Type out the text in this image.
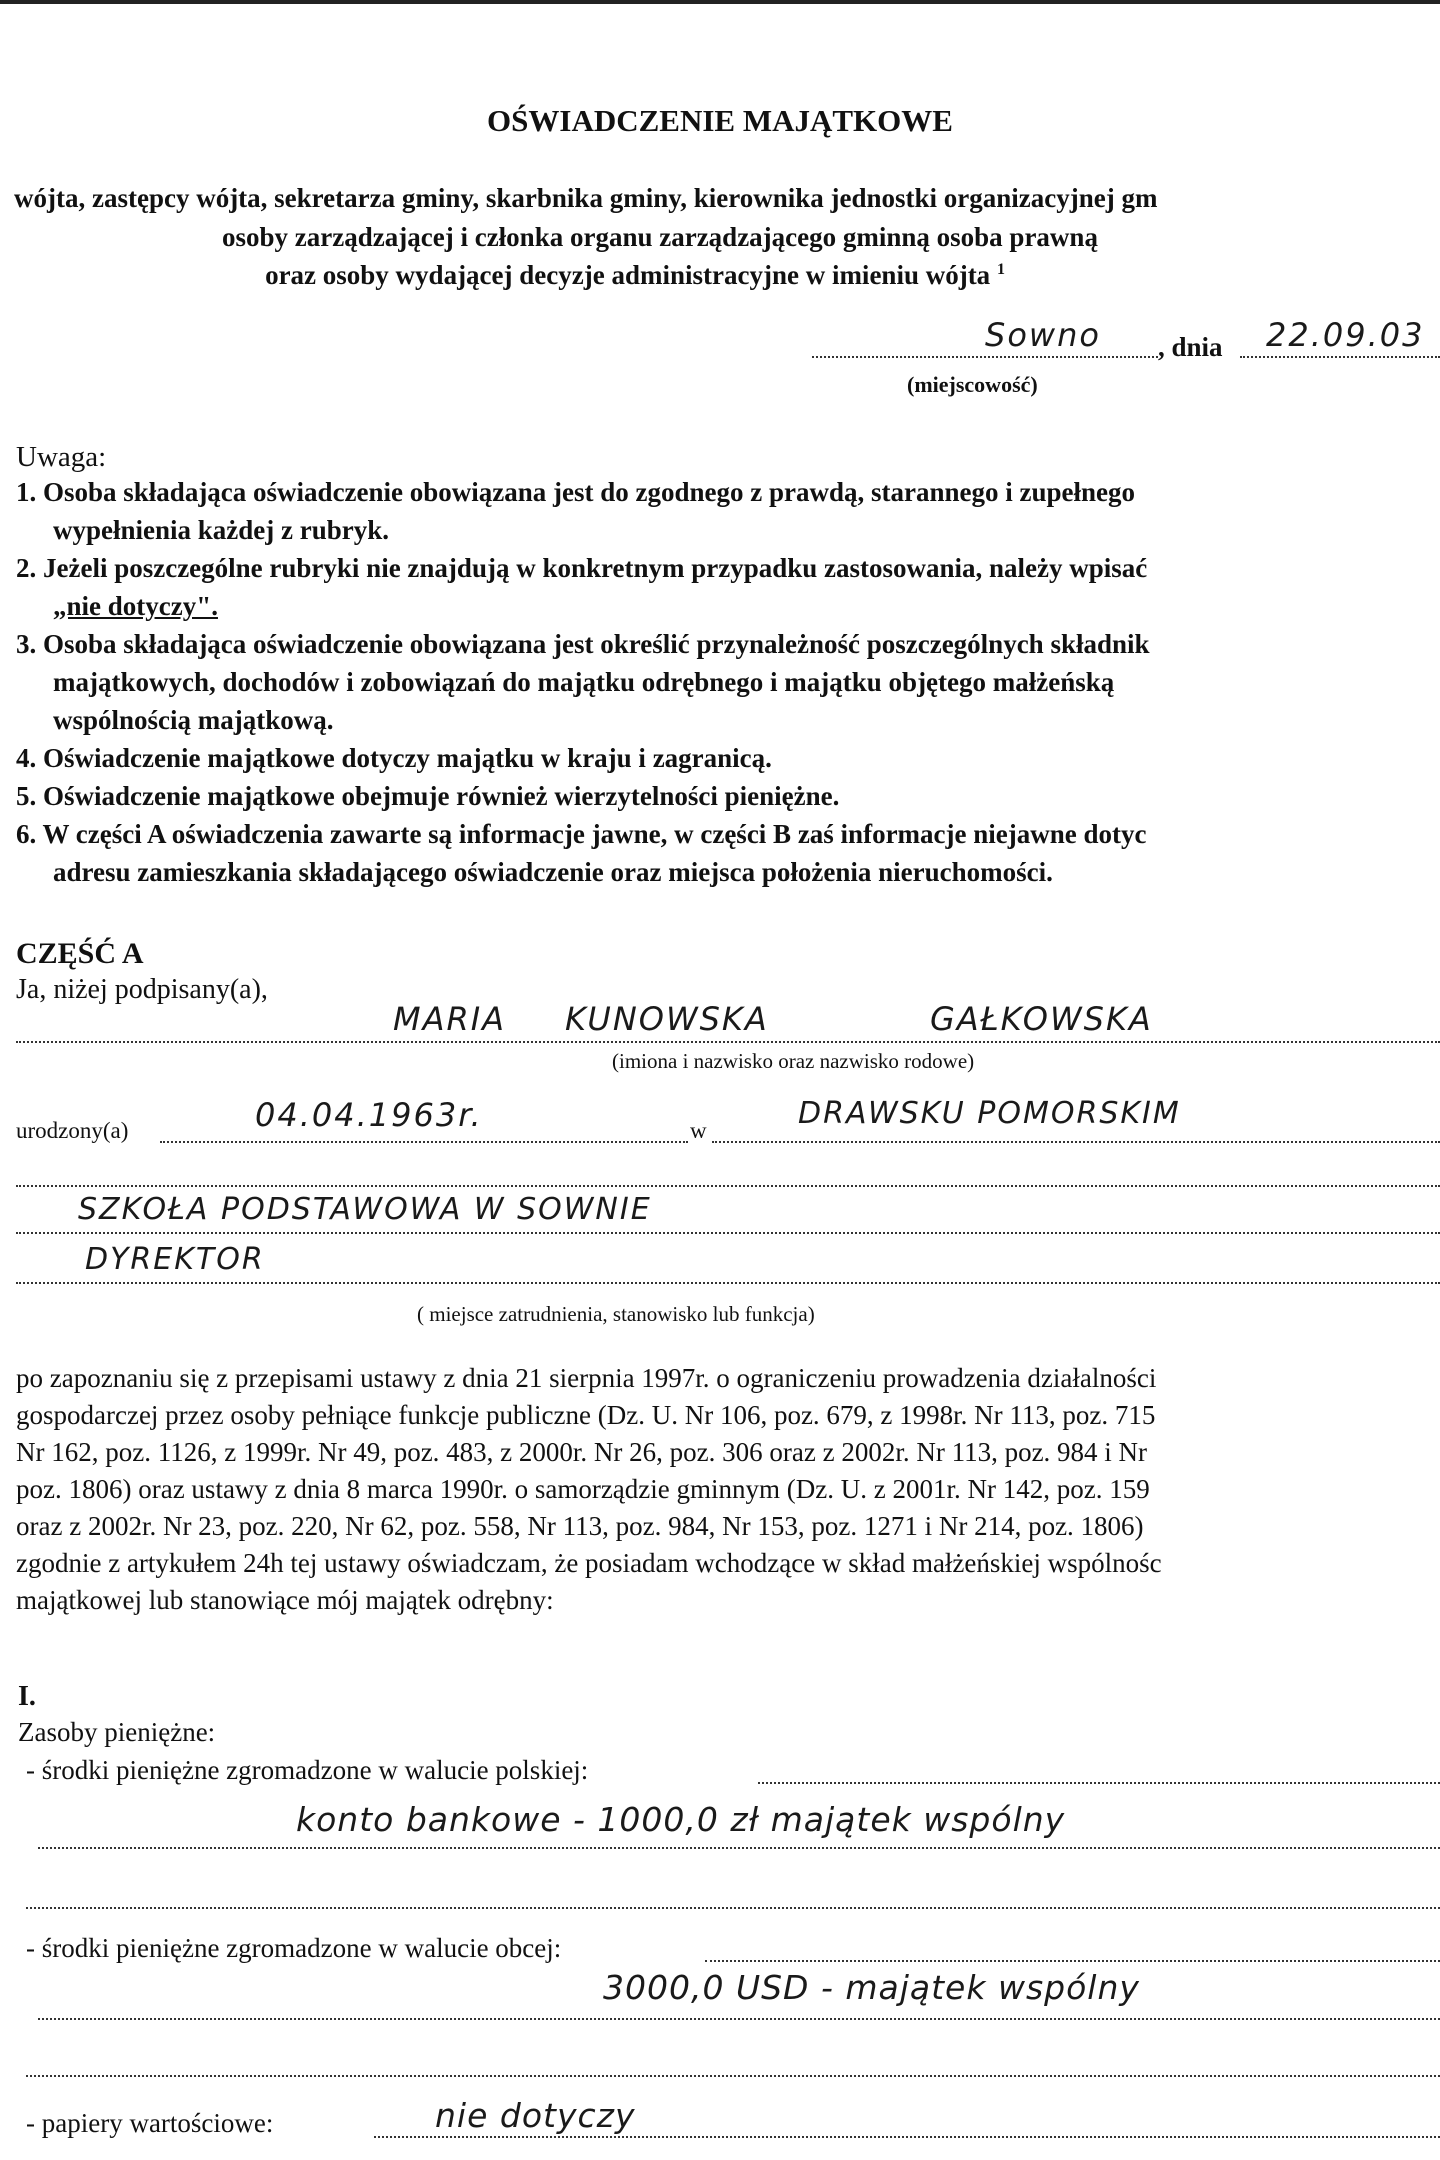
OŚWIADCZENIE MAJĄTKOWE
wójta, zastępcy wójta, sekretarza gminy, skarbnika gminy, kierownika jednostki organizacyjnej gm
osoby zarządzającej i członka organu zarządzającego gminną osoba prawną
oraz osoby wydającej decyzje administracyjne w imieniu wójta $^1$
Sowno , dnia 22.09.03
(miejscowość)
Uwaga:
1. Osoba składająca oświadczenie obowiązana jest do zgodnego z prawdą, starannego i zupełnego
wypełnienia każdej z rubryk.
2. Jeżeli poszczególne rubryki nie znajdują w konkretnym przypadku zastosowania, należy wpisać
„nie dotyczy".
3. Osoba składająca oświadczenie obowiązana jest określić przynależność poszczególnych składnik
majątkowych, dochodów i zobowiązań do majątku odrębnego i majątku objętego małżeńską
wspólnością majątkową.
4. Oświadczenie majątkowe dotyczy majątku w kraju i zagranicą.
5. Oświadczenie majątkowe obejmuje również wierzytelności pieniężne.
6. W części A oświadczenia zawarte są informacje jawne, w części B zaś informacje niejawne dotyc
adresu zamieszkania składającego oświadczenie oraz miejsca położenia nieruchomości.
CZĘŚĆ A
Ja, niżej podpisany(a),
MARIA KUNOWSKA	GAŁKOWSKA
(imiona i nazwisko oraz nazwisko rodowe)
urodzony(a)	04.04.1963r.	w	DRAWSKU POMORSKIM
SZKOŁA PODSTAWOWA W SOWNIE
DYREKTOR
( miejsce zatrudnienia, stanowisko lub funkcja)
po zapoznaniu się z przepisami ustawy z dnia 21 sierpnia 1997r. o ograniczeniu prowadzenia działalności
gospodarczej przez osoby pełniące funkcje publiczne (Dz. U. Nr 106, poz. 679, z 1998r. Nr 113, poz. 715
Nr 162, poz. 1126, z 1999r. Nr 49, poz. 483, z 2000r. Nr 26, poz. 306 oraz z 2002r. Nr 113, poz. 984 i Nr
poz. 1806) oraz ustawy z dnia 8 marca 1990r. o samorządzie gminnym (Dz. U. z 2001r. Nr 142, poz. 159
oraz z 2002r. Nr 23, poz. 220, Nr 62, poz. 558, Nr 113, poz. 984, Nr 153, poz. 1271 i Nr 214, poz. 1806)
zgodnie z artykułem 24h tej ustawy oświadczam, że posiadam wchodzące w skład małżeńskiej wspólnośc
majątkowej lub stanowiące mój majątek odrębny:
I.
Zasoby pieniężne:
- środki pieniężne zgromadzone w walucie polskiej:
konto bankowe - 1000,0 zł majątek wspólny
- środki pieniężne zgromadzone w walucie obcej:
3000,0 USD - majątek wspólny
- papiery wartościowe:	nie dotyczy
